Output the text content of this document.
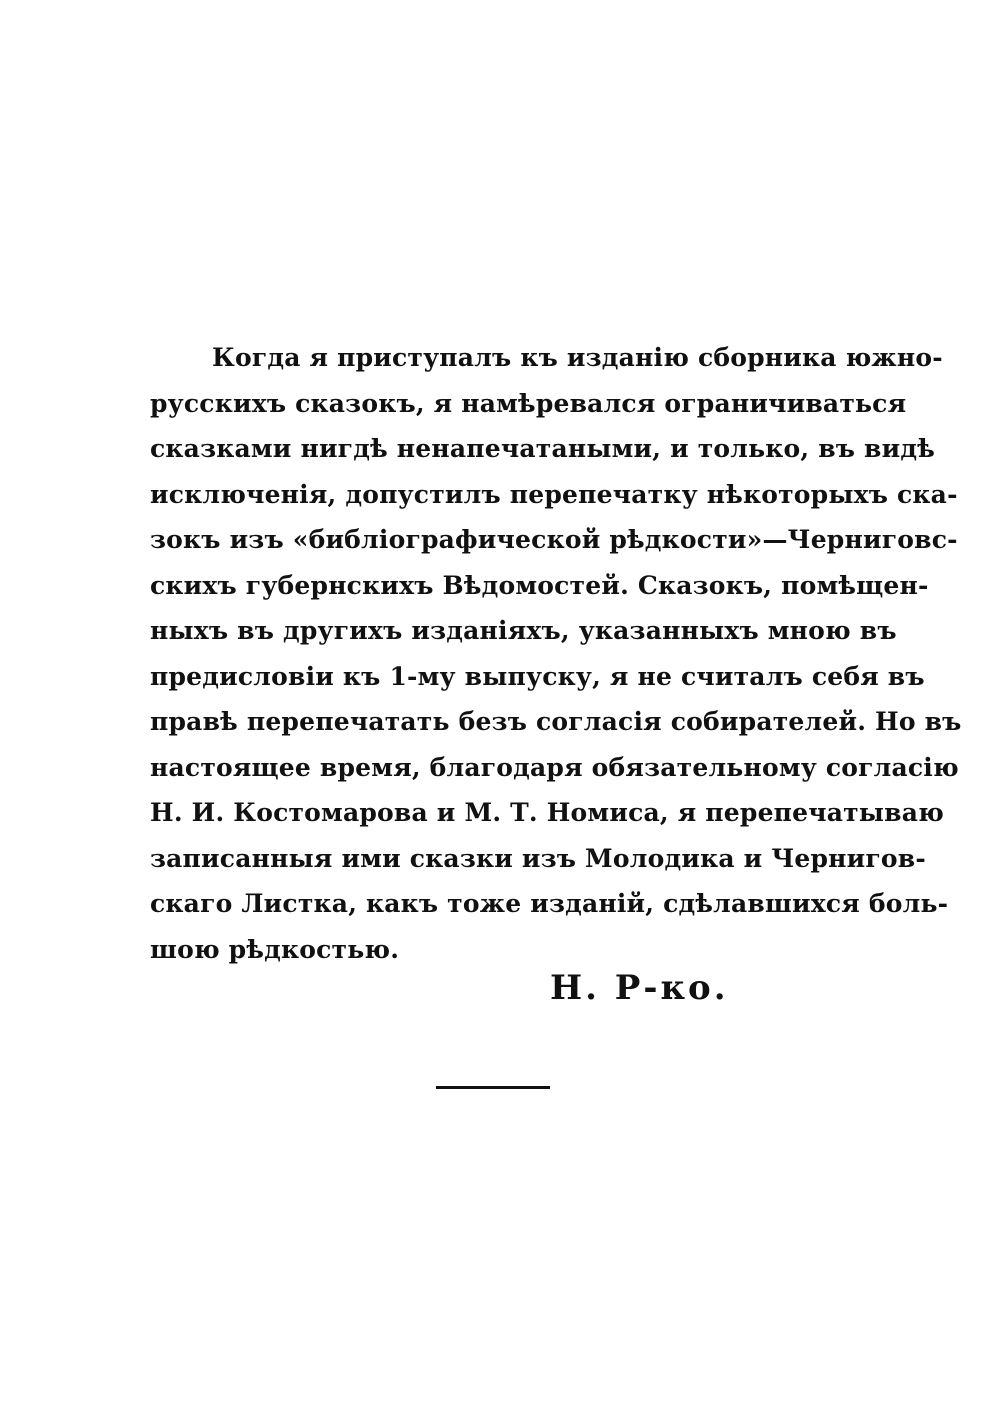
Когда я приступалъ къ изданію сборника южно-
русскихъ сказокъ, я намѣревался ограничиваться
сказками нигдѣ ненапечатаными, и только, въ видѣ
исключенія, допустилъ перепечатку нѣкоторыхъ ска-
зокъ изъ «библіографической рѣдкости»—Черниговс-
скихъ губернскихъ Вѣдомостей. Сказокъ, помѣщен-
ныхъ въ другихъ изданіяхъ, указанныхъ мною въ
предисловіи къ 1-му выпуску, я не считалъ себя въ
правѣ перепечатать безъ согласія собирателей. Но въ
настоящее время, благодаря обязательному согласію
Н. И. Костомарова и М. Т. Номиса, я перепечатываю
записанныя ими сказки изъ Молодика и Чернигов-
скаго Листка, какъ тоже изданій, сдѣлавшихся боль-
шою рѣдкостью.
Н. Р-ко.
